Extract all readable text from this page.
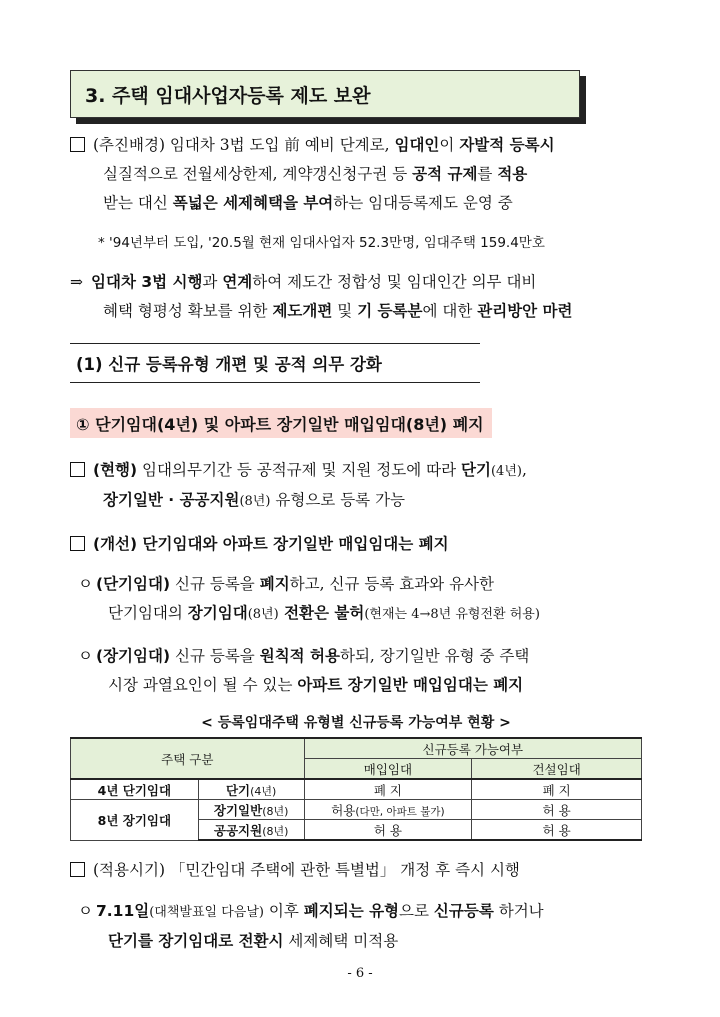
3. 주택 임대사업자등록 제도 보완
(추진배경) 임대차 3법 도입 前 예비 단계로, 임대인이 자발적 등록시
실질적으로 전월세상한제, 계약갱신청구권 등 공적 규제를 적용
받는 대신 폭넓은 세제혜택을 부여하는 임대등록제도 운영 중
* '94년부터 도입, '20.5월 현재 임대사업자 52.3만명, 임대주택 159.4만호
⇒ 임대차 3법 시행과 연계하여 제도간 정합성 및 임대인간 의무 대비
혜택 형평성 확보를 위한 제도개편 및 기 등록분에 대한 관리방안 마련
(1) 신규 등록유형 개편 및 공적 의무 강화
① 단기임대(4년) 및 아파트 장기일반 매입임대(8년) 폐지
(현행) 임대의무기간 등 공적규제 및 지원 정도에 따라 단기(4년),
장기일반 · 공공지원(8년) 유형으로 등록 가능
(개선) 단기임대와 아파트 장기일반 매입임대는 폐지
ㅇ (단기임대) 신규 등록을 폐지하고, 신규 등록 효과와 유사한
단기임대의 장기임대(8년) 전환은 불허(현재는 4→8년 유형전환 허용)
ㅇ (장기임대) 신규 등록을 원칙적 허용하되, 장기일반 유형 중 주택
시장 과열요인이 될 수 있는 아파트 장기일반 매입임대는 폐지
< 등록임대주택 유형별 신규등록 가능여부 현황 >
주택 구분		신규등록 가능여부	
		매입임대	건설임대
4년 단기임대	단기(4년)	폐 지	폐 지
8년 장기임대	장기일반(8년)	허용(다만, 아파트 불가)	허 용
	공공지원(8년)	허 용	허 용
(적용시기) 「민간임대 주택에 관한 특별법」 개정 후 즉시 시행
ㅇ 7.11일(대책발표일 다음날) 이후 폐지되는 유형으로 신규등록 하거나
단기를 장기임대로 전환시 세제혜택 미적용
- 6 -
